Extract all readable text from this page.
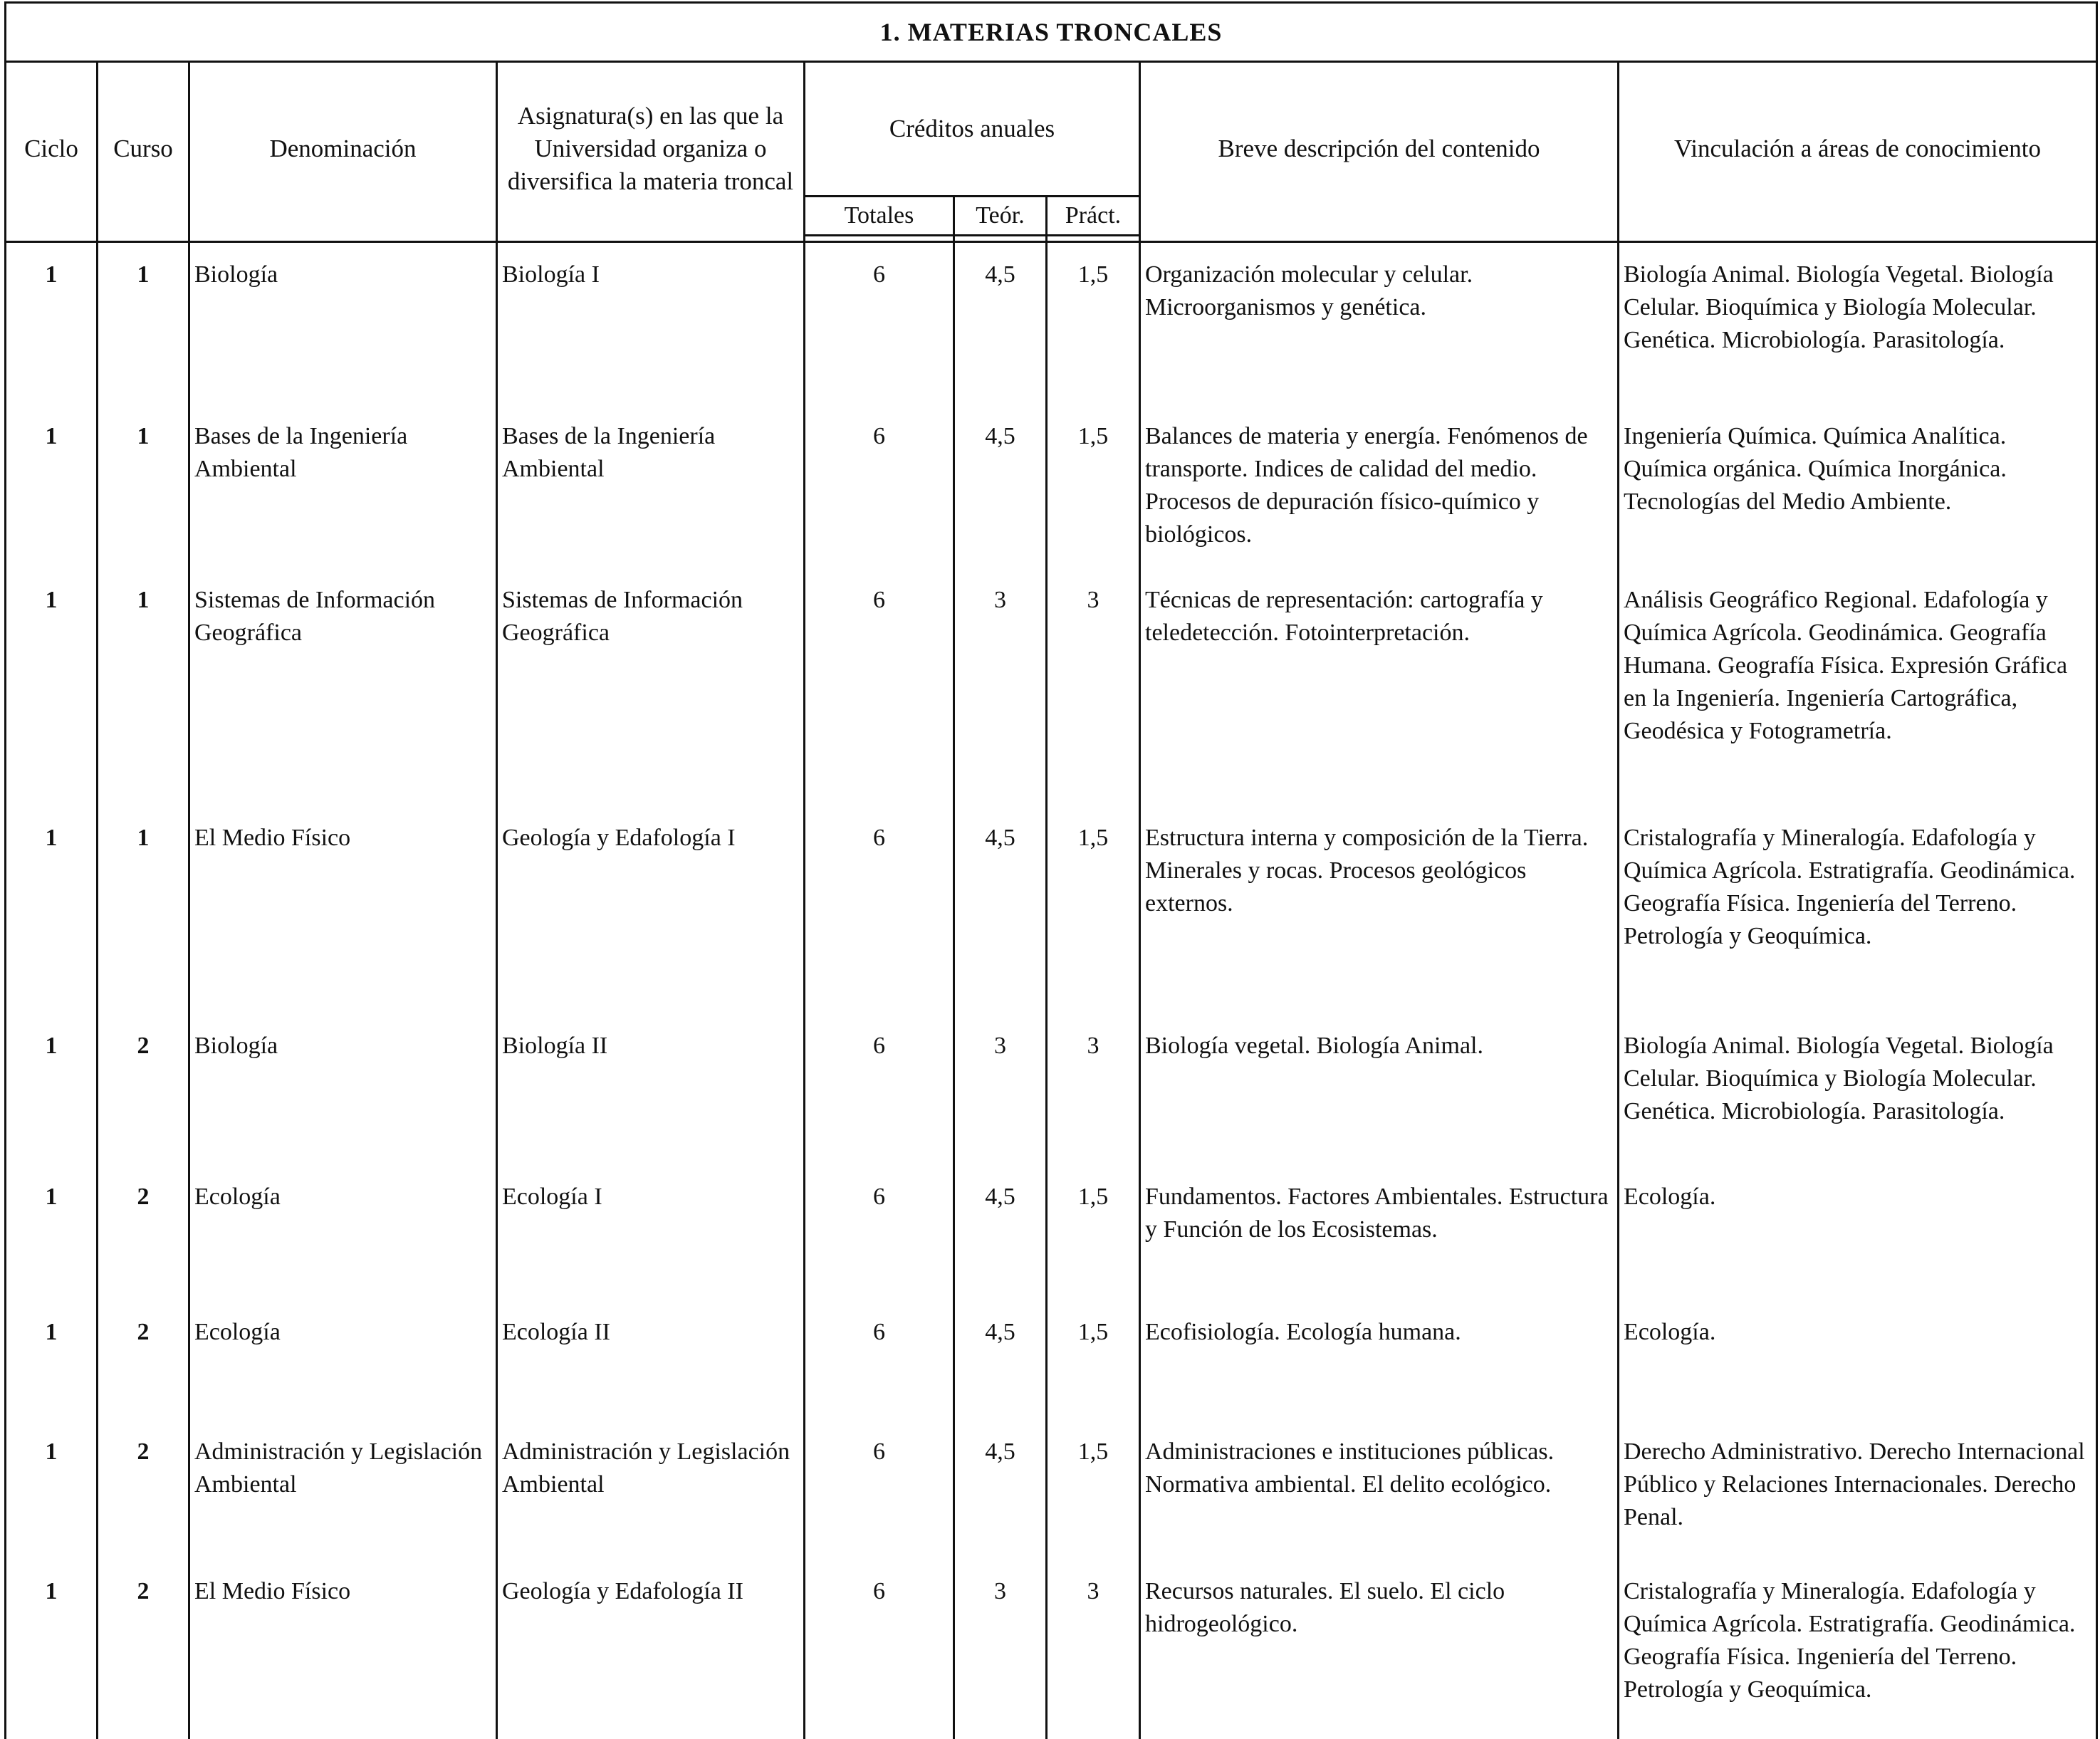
1. MATERIAS TRONCALES								
Ciclo	Curso	Denominación	Asignatura(s) en las que la Universidad organiza o diversifica la materia troncal	Créditos anuales			Breve descripción del contenido	Vinculación a áreas de conocimiento
				Totales	Teór.	Práct.		

1	1	Biología	Biología I	6	4,5	1,5	Organización molecular y celular. Microorganismos y genética.	Biología Animal. Biología Vegetal. Biología Celular. Bioquímica y Biología Molecular. Genética. Microbiología. Parasitología.
1	1	Bases de la Ingeniería Ambiental	Bases de la Ingeniería Ambiental	6	4,5	1,5	Balances de materia y energía. Fenómenos de transporte. Indices de calidad del medio. Procesos de depuración físico-químico y biológicos.	Ingeniería Química. Química Analítica. Química orgánica. Química Inorgánica. Tecnologías del Medio Ambiente.
1	1	Sistemas de Información Geográfica	Sistemas de Información Geográfica	6	3	3	Técnicas de representación: cartografía y teledetección. Fotointerpretación.	Análisis Geográfico Regional. Edafología y Química Agrícola. Geodinámica. Geografía Humana. Geografía Física. Expresión Gráfica en la Ingeniería. Ingeniería Cartográfica, Geodésica y Fotogrametría.
1	1	El Medio Físico	Geología y Edafología I	6	4,5	1,5	Estructura interna y composición de la Tierra. Minerales y rocas. Procesos geológicos externos.	Cristalografía y Mineralogía. Edafología y Química Agrícola. Estratigrafía. Geodinámica. Geografía Física. Ingeniería del Terreno. Petrología y Geoquímica.
1	2	Biología	Biología II	6	3	3	Biología vegetal. Biología Animal.	Biología Animal. Biología Vegetal. Biología Celular. Bioquímica y Biología Molecular. Genética. Microbiología. Parasitología.
1	2	Ecología	Ecología I	6	4,5	1,5	Fundamentos. Factores Ambientales. Estructura y Función de los Ecosistemas.	Ecología.
1	2	Ecología	Ecología II	6	4,5	1,5	Ecofisiología. Ecología humana.	Ecología.
1	2	Administración y Legislación Ambiental	Administración y Legislación Ambiental	6	4,5	1,5	Administraciones e instituciones públicas. Normativa ambiental. El delito ecológico.	Derecho Administrativo. Derecho Internacional Público y Relaciones Internacionales. Derecho Penal.
1	2	El Medio Físico	Geología y Edafología II	6	3	3	Recursos naturales. El suelo. El ciclo hidrogeológico.	Cristalografía y Mineralogía. Edafología y Química Agrícola. Estratigrafía. Geodinámica. Geografía Física. Ingeniería del Terreno. Petrología y Geoquímica.
